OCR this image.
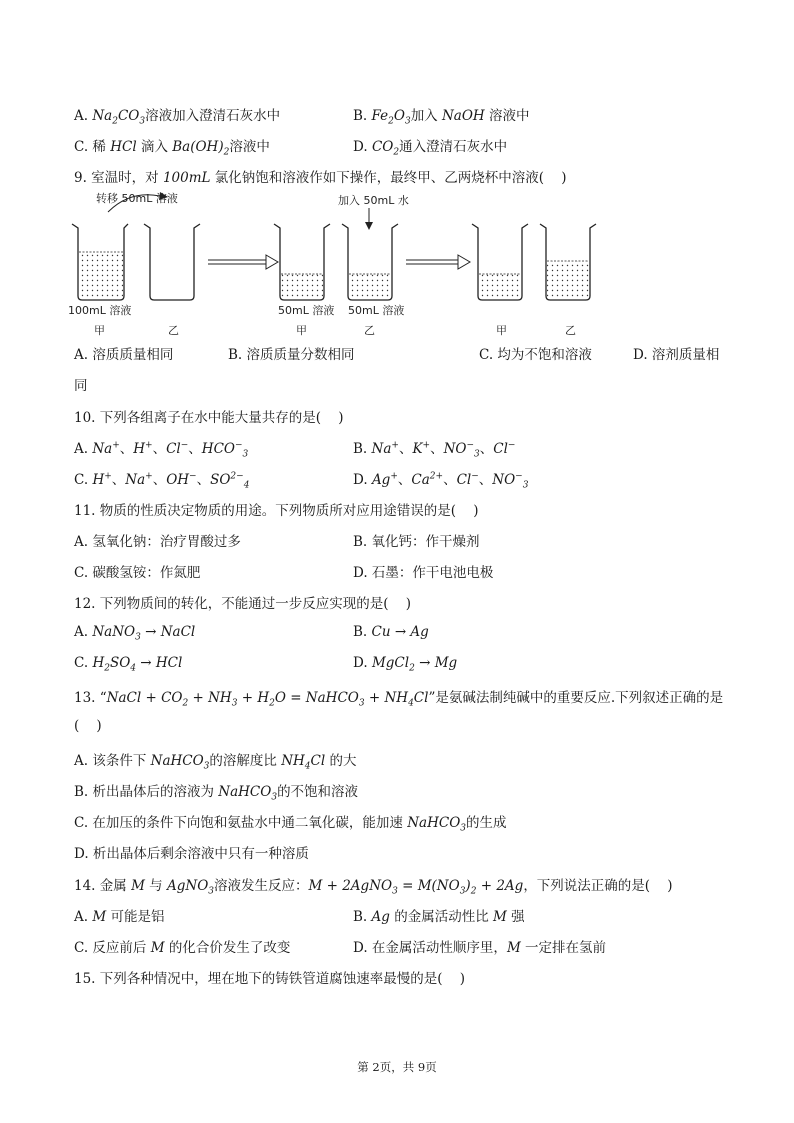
A. $Na_2CO_3$溶液加入澄清石灰水中	B. $Fe_2O_3$加入 NaOH 溶液中
C. 稀 HCl 滴入 $Ba(OH)_2$溶液中	D. $CO_2$通入澄清石灰水中
9. 室温时，对 100mL 氯化钠饱和溶液作如下操作，最终甲、乙两烧杯中溶液(    )
转移 50mL 溶液
100mL 溶液
加入 50mL 水
50mL 溶液 50mL 溶液
甲	乙	甲	乙	甲	乙
A. 溶质质量相同	B. 溶质质量分数相同	C. 均为不饱和溶液	D. 溶剂质量相
同
10. 下列各组离子在水中能大量共存的是(    )
A. Na+、H+、Cl−、$HCO^-_3$	B. Na+、K+、$NO^-_3$、Cl−
C. H+、Na+、OH−、$SO^{2-}_4$	D. Ag+、$Ca^{2+}$、Cl−、$NO^-_3$
11. 物质的性质决定物质的用途。下列物质所对应用途错误的是(    )
A. 氢氧化钠：治疗胃酸过多	B. 氧化钙：作干燥剂
C. 碳酸氢铵：作氮肥	D. 石墨：作干电池电极
12. 下列物质间的转化，不能通过一步反应实现的是(    )
A. NaNO$_3$ → NaCl	B. Cu → Ag
C. $H_2SO_4$ → HCl	D. MgCl$_2$ → Mg
13. “NaCl + $CO_2 + NH_3 + H_2O$ = NaHCO$_3$ + $NH_4Cl$”是氨碱法制纯碱中的重要反应.下列叙述正确的是
(    )
A. 该条件下 NaHCO$_3$的溶解度比 $NH_4Cl$ 的大
B. 析出晶体后的溶液为 NaHCO$_3$的不饱和溶液
C. 在加压的条件下向饱和氨盐水中通二氧化碳，能加速 NaHCO$_3$的生成
D. 析出晶体后剩余溶液中只有一种溶质
14. 金属 M 与 AgNO$_3$溶液发生反应：M + 2AgNO$_3$ = $M(NO_3)_2 + 2Ag$，下列说法正确的是(    )
A. M 可能是铝	B. Ag 的金属活动性比 M 强
C. 反应前后 M 的化合价发生了改变	D. 在金属活动性顺序里，M 一定排在氢前
15. 下列各种情况中，埋在地下的铸铁管道腐蚀速率最慢的是(    )
第 2页，共 9页
